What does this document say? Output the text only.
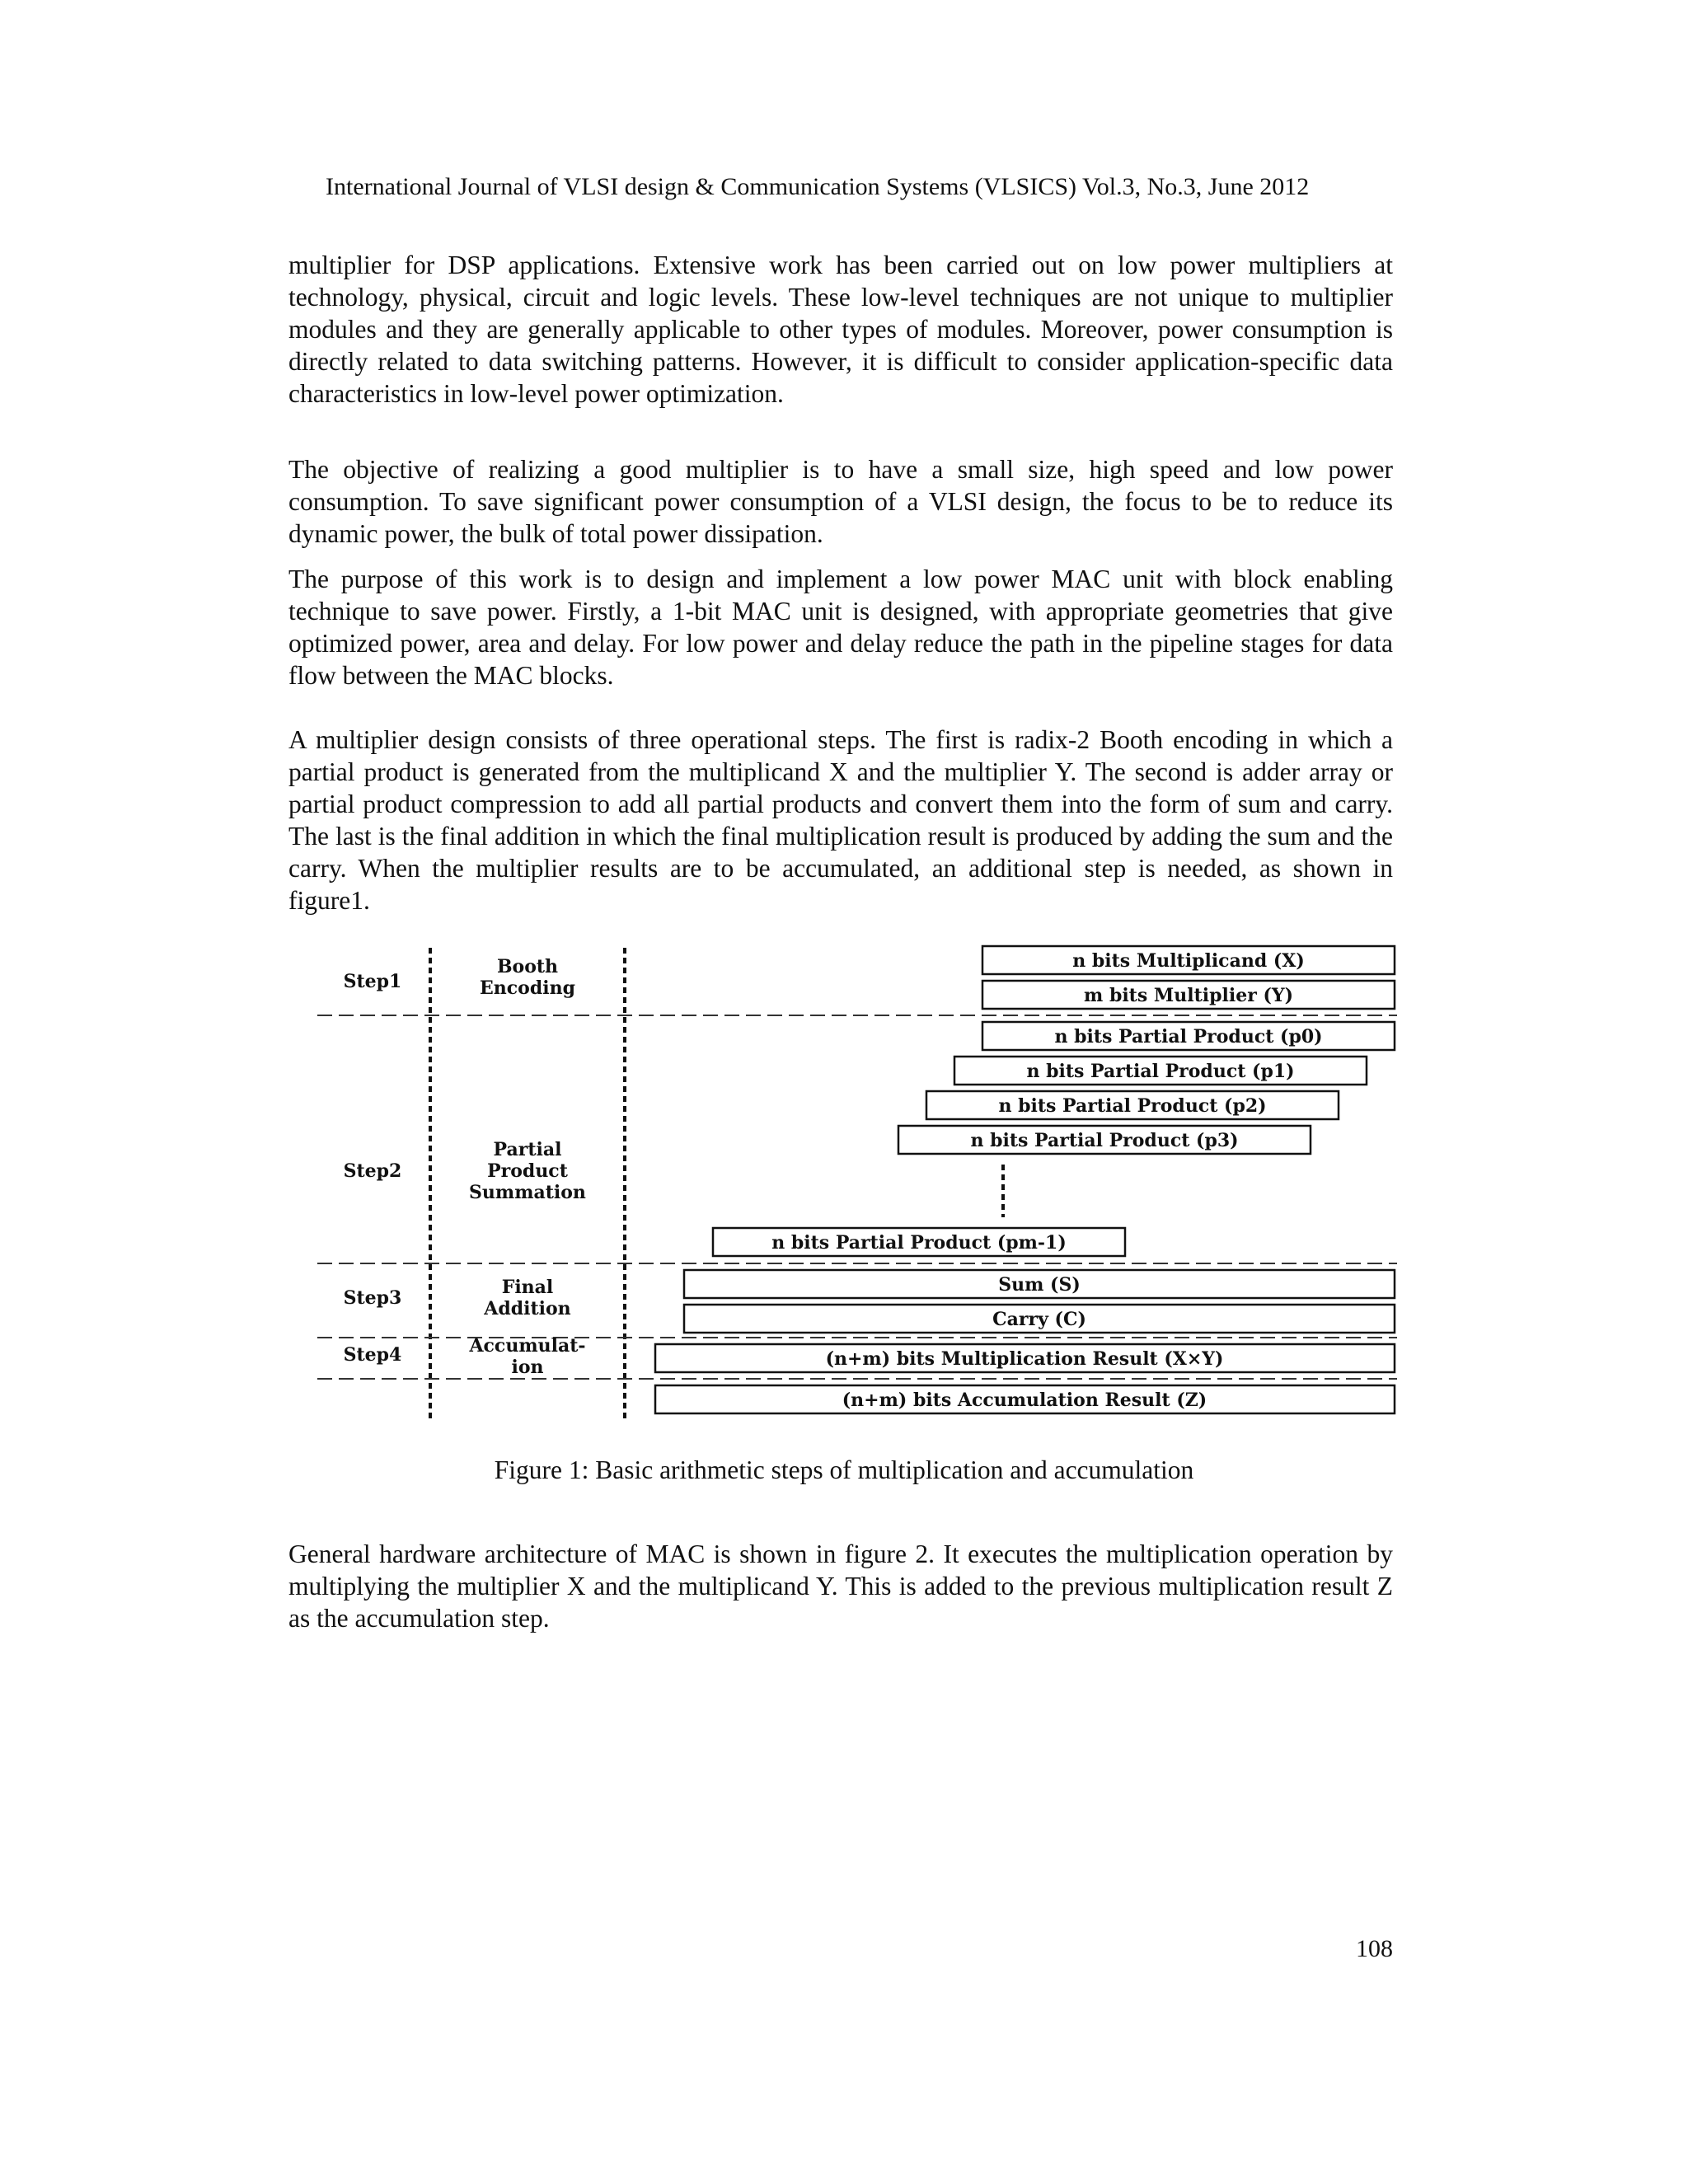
International Journal of VLSI design & Communication Systems (VLSICS) Vol.3, No.3, June 2012

multiplier for DSP applications. Extensive work has been carried out on low power multipliers at technology, physical, circuit and logic levels. These low-level techniques are not unique to multiplier modules and they are generally applicable to other types of modules. Moreover, power consumption is directly related to data switching patterns. However, it is difficult to consider application-specific data characteristics in low-level power optimization.

The objective of realizing a good multiplier is to have a small size, high speed and low power consumption. To save significant power consumption of a VLSI design, the focus to be to reduce its dynamic power, the bulk of total power dissipation.

The purpose of this work is to design and implement a low power MAC unit with block enabling technique to save power. Firstly, a 1-bit MAC unit is designed, with appropriate geometries that give optimized power, area and delay. For low power and delay reduce the path in the pipeline stages for data flow between the MAC blocks.

A multiplier design consists of three operational steps. The first is radix-2 Booth encoding in which a partial product is generated from the multiplicand X and the multiplier Y. The second is adder array or partial product compression to add all partial products and convert them into the form of sum and carry. The last is the final addition in which the final multiplication result is produced by adding the sum and the carry. When the multiplier results are to be accumulated, an additional step is needed, as shown in figure1.

Step1
Step2
Step3
Step4
Booth
Encoding
Partial
Product
Summation
Final
Addition
Accumulat-
ion
n bits Multiplicand (X)
m bits Multiplier (Y)
n bits Partial Product (p0)
n bits Partial Product (p1)
n bits Partial Product (p2)
n bits Partial Product (p3)
n bits Partial Product (pm-1)
Sum (S)
Carry (C)
(n+m) bits Multiplication Result (X×Y)
(n+m) bits Accumulation Result (Z)
Figure 1: Basic arithmetic steps of multiplication and accumulation

General hardware architecture of MAC is shown in figure 2. It executes the multiplication operation by multiplying the multiplier X and the multiplicand Y. This is added to the previous multiplication result Z as the accumulation step.

108
